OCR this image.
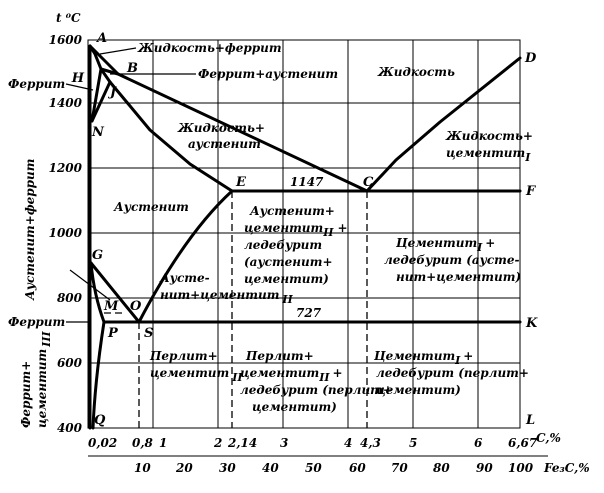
t ⁰C
1600
1400
1200
1000
800
600
400
0,02 0,8 1	2 2,14 3	4 4,3 5	6 6,67
C,%
10 20 30 40 50 60 70 80 90 100 Fe₃C,%
A
B
H
J
N
D
E	C
F
G
M O
P S
K
Q	L
1147
727
Жидкость+феррит
Феррит+аустенит	Жидкость
Феррит
Жидкость+
аустенит
Жидкость+
цементитI
Аустенит	Аустенит+
цементитII +
ледебурит
(аустенит+
цементит)
ЦементитI +
ледебурит (аусте-
нит+цементит)
Аусте-
нит+цементит II
Аустенит+феррит
Феррит
Феррит+ цементитIII
Перлит+
цементит II
Перлит+
цементитII +
ледебурит (перлит+
цементит)
ЦементитI +
ледебурит (перлит+
цементит)
